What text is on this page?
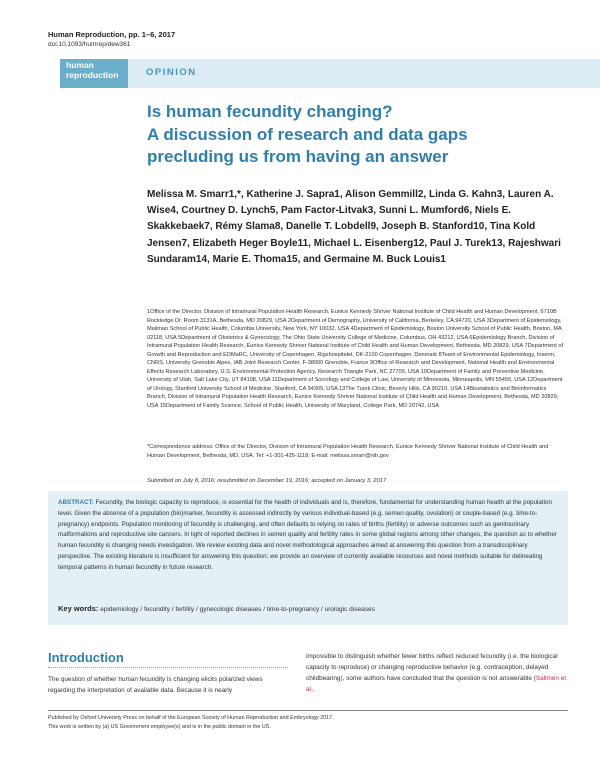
Human Reproduction, pp. 1–6, 2017
doi:10.1093/humrep/dew361
human
reproduction	OPINION
Is human fecundity changing?
A discussion of research and data gaps
precluding us from having an answer
Melissa M. Smarr1,*, Katherine J. Sapra1, Alison Gemmill2, Linda G. Kahn3, Lauren A. Wise4, Courtney D. Lynch5, Pam Factor-Litvak3, Sunni L. Mumford6, Niels E. Skakkebaek7, Rémy Slama8, Danelle T. Lobdell9, Joseph B. Stanford10, Tina Kold Jensen7, Elizabeth Heger Boyle11, Michael L. Eisenberg12, Paul J. Turek13, Rajeshwari Sundaram14, Marie E. Thoma15, and Germaine M. Buck Louis1
1Office of the Director, Division of Intramural Population Health Research, Eunice Kennedy Shriver National Institute of Child Health and Human Development, 6710B Rockledge Dr. Room 3131A, Bethesda, MD 20829, USA 2Department of Demography, University of California, Berkeley, CA 94720, USA 3Department of Epidemiology, Mailman School of Public Health, Columbia University, New York, NY 10032, USA 4Department of Epidemiology, Boston University School of Public Health, Boston, MA 02118, USA 5Department of Obstetrics & Gynecology, The Ohio State University College of Medicine, Columbus, OH 43212, USA 6Epidemiology Branch, Division of Intramural Population Health Research, Eunice Kennedy Shriver National Institute of Child Health and Human Development, Bethesda, MD 20829, USA 7Department of Growth and Reproduction and EDMaRC, University of Copenhagen, Rigshospitalet, DK-2100 Copenhagen, Denmark 8Team of Environmental Epidemiology, Inserm, CNRS, University Grenoble Alpes, IAB Joint Research Center, F-38000 Grenoble, France 9Office of Research and Development, National Health and Environmental Effects Research Laboratory, U.S. Environmental Protection Agency, Research Triangle Park, NC 27709, USA 10Department of Family and Preventive Medicine, University of Utah, Salt Lake City, UT 84108, USA 11Department of Sociology and College of Law, University of Minnesota, Minneapolis, MN 55455, USA 12Department of Urology, Stanford University School of Medicine, Stanford, CA 94305, USA 13The Turek Clinic, Beverly Hills, CA 90210, USA 14Biostatistics and Bioinformatics Branch, Division of Intramural Population Health Research, Eunice Kennedy Shriver National Institute of Child Health and Human Development, Bethesda, MD 20829, USA 15Department of Family Science, School of Public Health, University of Maryland, College Park, MD 20742, USA
*Correspondence address: Office of the Director, Division of Intramural Population Health Research, Eunice Kennedy Shriver National Institute of Child Health and Human Development, Bethesda, MD, USA. Tel: +1-301-435-1118; E-mail: melissa.smarr@nih.gov
Submitted on July 8, 2016; resubmitted on December 19, 2016; accepted on January 3, 2017
ABSTRACT: Fecundity, the biologic capacity to reproduce, is essential for the health of individuals and is, therefore, fundamental for understanding human health at the population level. Given the absence of a population (bio)marker, fecundity is assessed indirectly by various individual-based (e.g. semen quality, ovulation) or couple-based (e.g. time-to-pregnancy) endpoints. Population monitoring of fecundity is challenging, and often defaults to relying on rates of births (fertility) or adverse outcomes such as genitourinary malformations and reproductive site cancers. In light of reported declines in semen quality and fertility rates in some global regions among other changes, the question as to whether human fecundity is changing needs investigation. We review existing data and novel methodological approaches aimed at answering this question from a transdisciplinary perspective. The existing literature is insufficient for answering this question; we provide an overview of currently available resources and novel methods suitable for delineating temporal patterns in human fecundity in future research.
Key words: epidemiology / fecundity / fertility / gynecologic diseases / time-to-pregnancy / urologic diseases
Introduction
The question of whether human fecundity is changing elicits polarized views regarding the interpretation of available data. Because it is nearly
impossible to distinguish whether fewer births reflect reduced fecundity (i.e. the biological capacity to reproduce) or changing reproductive behavior (e.g. contraception, delayed childbearing), some authors have concluded that the question is not answerable (Sallmén et al.,
Published by Oxford University Press on behalf of the European Society of Human Reproduction and Embryology 2017.
This work is written by (a) US Government employee(s) and is in the public domain in the US.
